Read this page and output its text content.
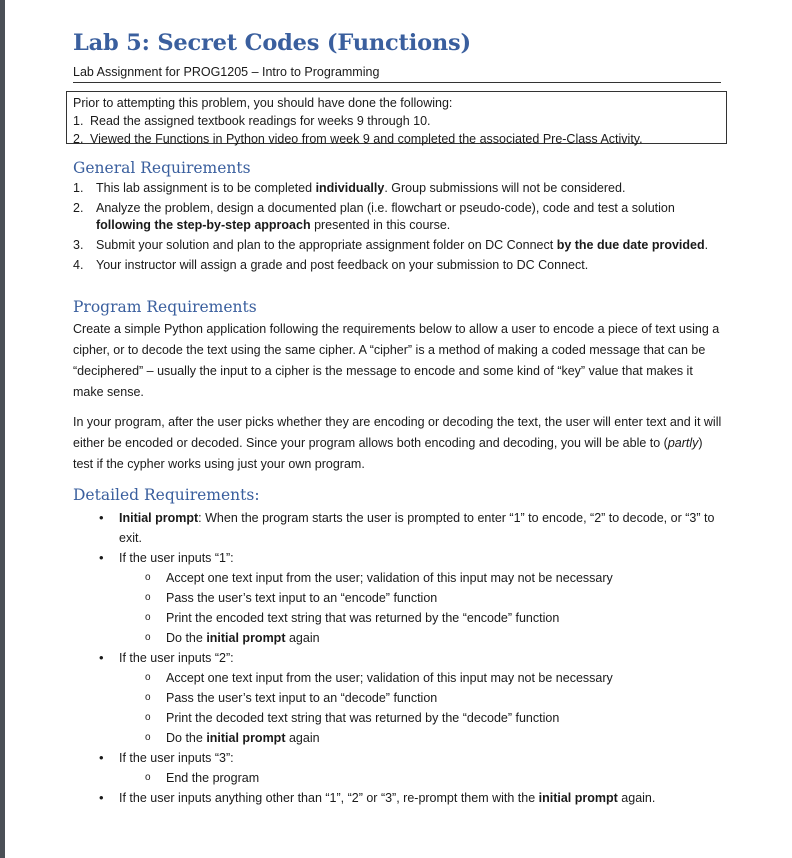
Lab 5: Secret Codes (Functions)
Lab Assignment for PROG1205 – Intro to Programming
Prior to attempting this problem, you should have done the following:
1. Read the assigned textbook readings for weeks 9 through 10.
2. Viewed the Functions in Python video from week 9 and completed the associated Pre-Class Activity.
General Requirements
1. This lab assignment is to be completed individually. Group submissions will not be considered.
2. Analyze the problem, design a documented plan (i.e. flowchart or pseudo-code), code and test a solution following the step-by-step approach presented in this course.
3. Submit your solution and plan to the appropriate assignment folder on DC Connect by the due date provided.
4. Your instructor will assign a grade and post feedback on your submission to DC Connect.
Program Requirements
Create a simple Python application following the requirements below to allow a user to encode a piece of text using a cipher, or to decode the text using the same cipher. A “cipher” is a method of making a coded message that can be “deciphered” – usually the input to a cipher is the message to encode and some kind of “key” value that makes it make sense.
In your program, after the user picks whether they are encoding or decoding the text, the user will enter text and it will either be encoded or decoded. Since your program allows both encoding and decoding, you will be able to (partly) test if the cypher works using just your own program.
Detailed Requirements:
• Initial prompt: When the program starts the user is prompted to enter “1” to encode, “2” to decode, or “3” to exit.
• If the user inputs “1”:
o Accept one text input from the user; validation of this input may not be necessary
o Pass the user’s text input to an “encode” function
o Print the encoded text string that was returned by the “encode” function
o Do the initial prompt again
• If the user inputs “2”:
o Accept one text input from the user; validation of this input may not be necessary
o Pass the user’s text input to an “decode” function
o Print the decoded text string that was returned by the “decode” function
o Do the initial prompt again
• If the user inputs “3”:
o End the program
• If the user inputs anything other than “1”, “2” or “3”, re-prompt them with the initial prompt again.
